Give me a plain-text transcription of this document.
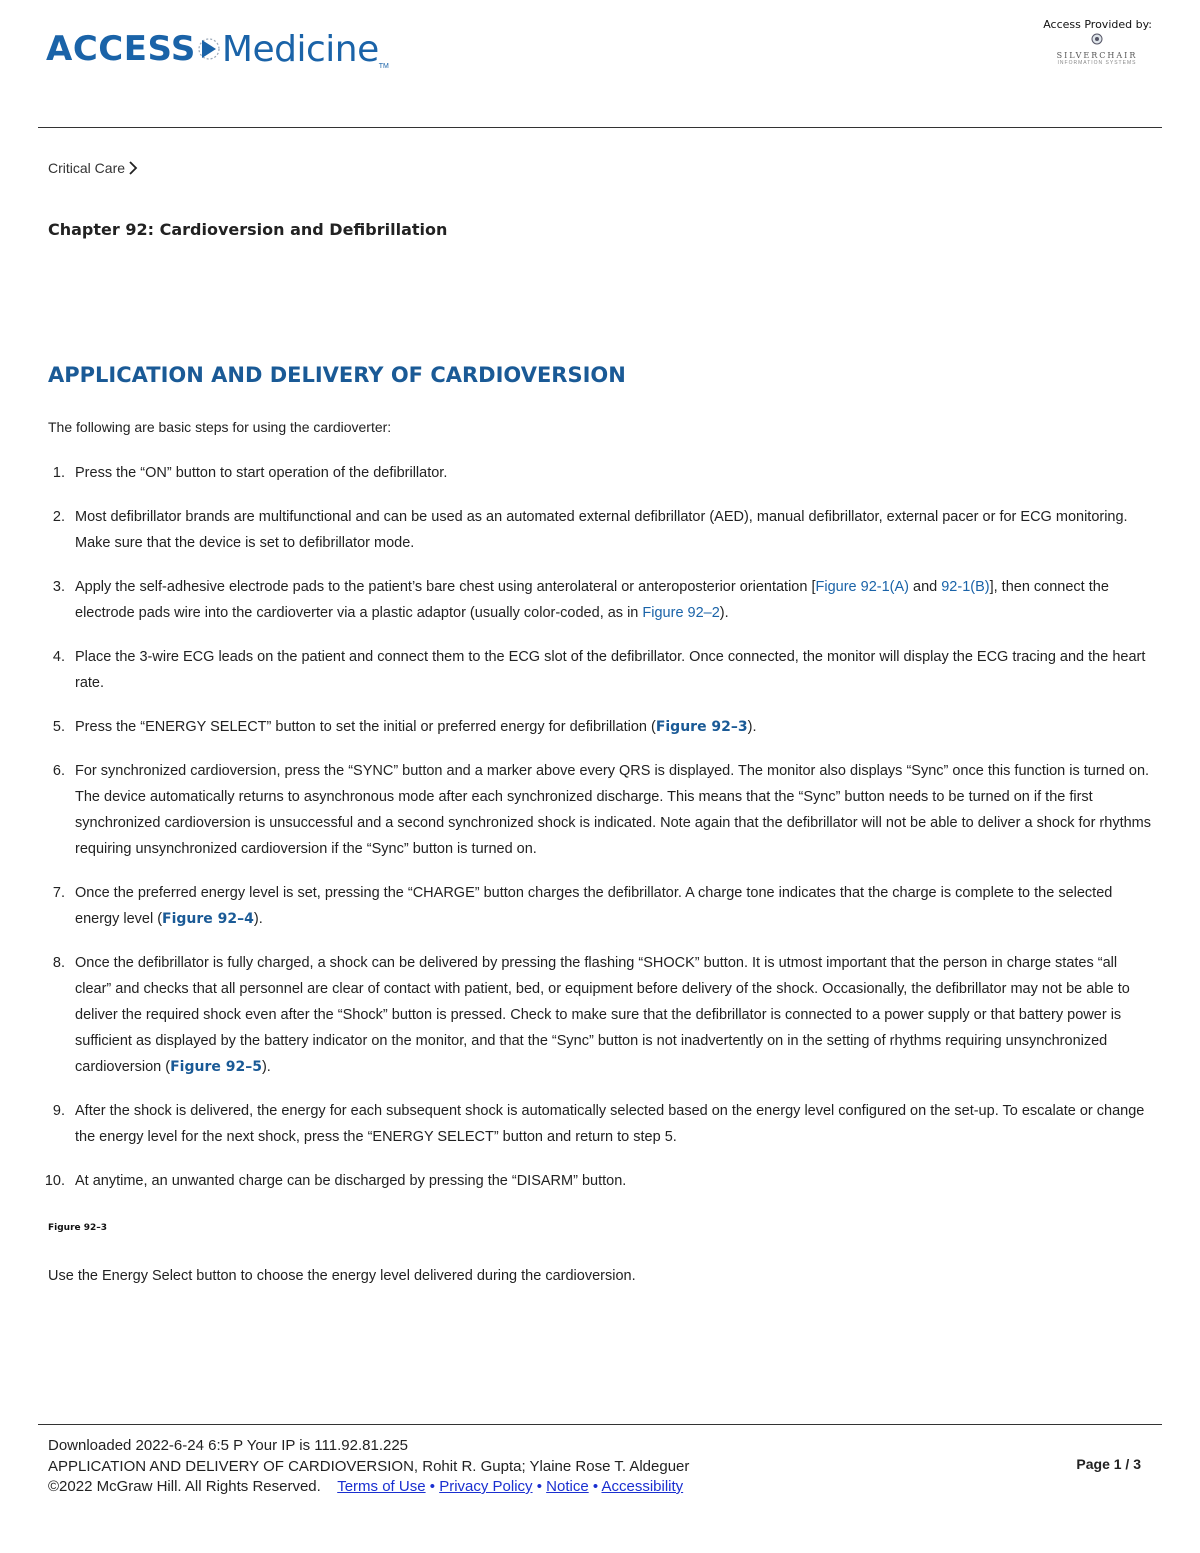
ACCESS Medicine TM
Access Provided by:
SILVERCHAIR
INFORMATION SYSTEMS
Critical Care
Chapter 92: Cardioversion and Defibrillation
APPLICATION AND DELIVERY OF CARDIOVERSION
The following are basic steps for using the cardioverter:
1. Press the “ON” button to start operation of the defibrillator.
2. Most defibrillator brands are multifunctional and can be used as an automated external defibrillator (AED), manual defibrillator, external pacer or for ECG monitoring. Make sure that the device is set to defibrillator mode.
3. Apply the self-adhesive electrode pads to the patient’s bare chest using anterolateral or anteroposterior orientation [Figure 92-1(A) and 92-1(B)], then connect the electrode pads wire into the cardioverter via a plastic adaptor (usually color-coded, as in Figure 92–2).
4. Place the 3-wire ECG leads on the patient and connect them to the ECG slot of the defibrillator. Once connected, the monitor will display the ECG tracing and the heart rate.
5. Press the “ENERGY SELECT” button to set the initial or preferred energy for defibrillation (Figure 92–3).
6. For synchronized cardioversion, press the “SYNC” button and a marker above every QRS is displayed. The monitor also displays “Sync” once this function is turned on. The device automatically returns to asynchronous mode after each synchronized discharge. This means that the “Sync” button needs to be turned on if the first synchronized cardioversion is unsuccessful and a second synchronized shock is indicated. Note again that the defibrillator will not be able to deliver a shock for rhythms requiring unsynchronized cardioversion if the “Sync” button is turned on.
7. Once the preferred energy level is set, pressing the “CHARGE” button charges the defibrillator. A charge tone indicates that the charge is complete to the selected energy level (Figure 92–4).
8. Once the defibrillator is fully charged, a shock can be delivered by pressing the flashing “SHOCK” button. It is utmost important that the person in charge states “all clear” and checks that all personnel are clear of contact with patient, bed, or equipment before delivery of the shock. Occasionally, the defibrillator may not be able to deliver the required shock even after the “Shock” button is pressed. Check to make sure that the defibrillator is connected to a power supply or that battery power is sufficient as displayed by the battery indicator on the monitor, and that the “Sync” button is not inadvertently on in the setting of rhythms requiring unsynchronized cardioversion (Figure 92–5).
9. After the shock is delivered, the energy for each subsequent shock is automatically selected based on the energy level configured on the set-up. To escalate or change the energy level for the next shock, press the “ENERGY SELECT” button and return to step 5.
10. At anytime, an unwanted charge can be discharged by pressing the “DISARM” button.
Figure 92–3
Use the Energy Select button to choose the energy level delivered during the cardioversion.
Downloaded 2022-6-24 6:5 P Your IP is 111.92.81.225
APPLICATION AND DELIVERY OF CARDIOVERSION, Rohit R. Gupta; Ylaine Rose T. Aldeguer
©2022 McGraw Hill. All Rights Reserved. Terms of Use • Privacy Policy • Notice • Accessibility
Page 1 / 3
